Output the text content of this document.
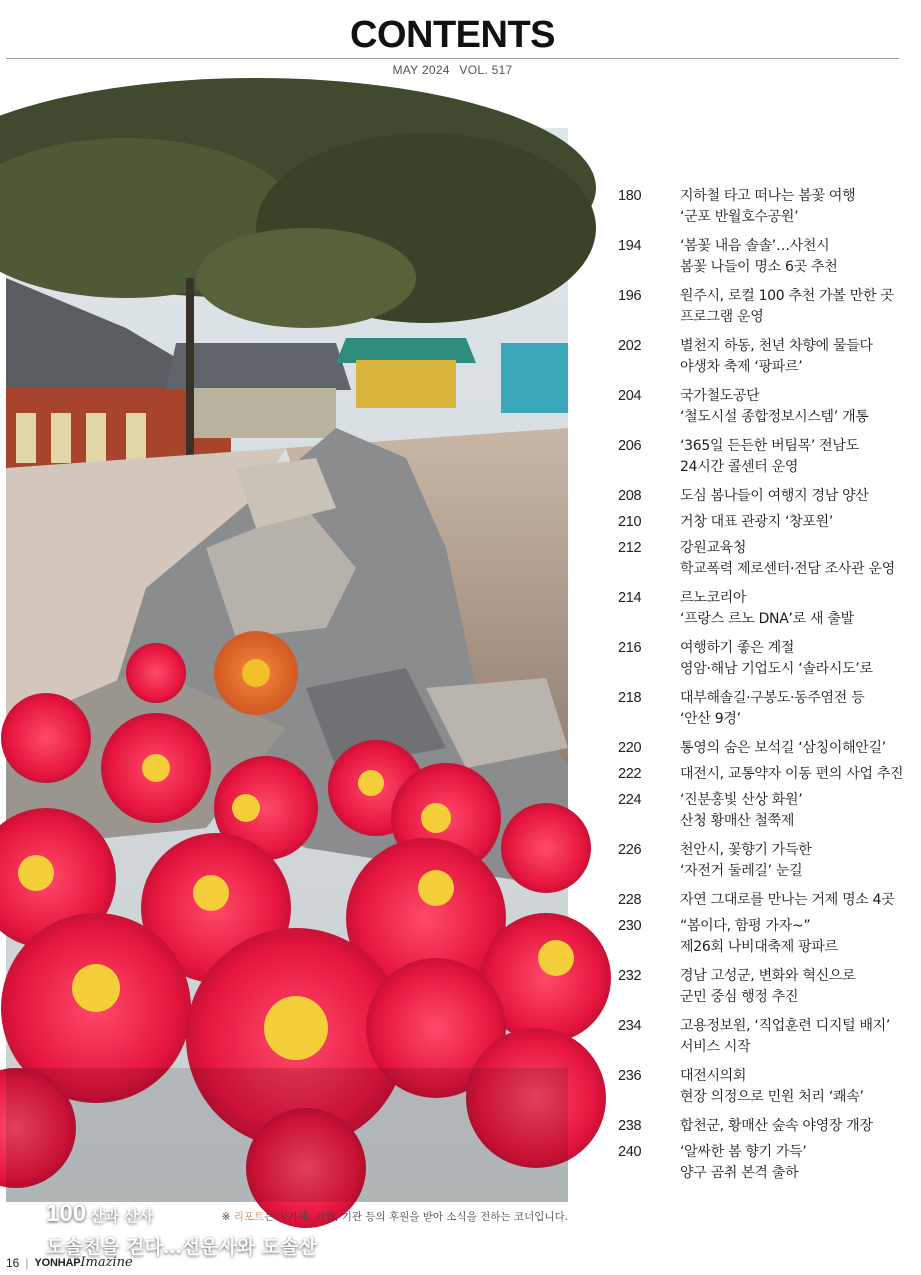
CONTENTS
MAY 2024 VOL. 517
100 산과 산사
도솔천을 걷다…선운사와 도솔산
※ 리포트는 지자체, 기업, 기관 등의 후원을 받아 소식을 전하는 코너입니다.
180	지하철 타고 떠나는 봄꽃 여행
‘군포 반월호수공원’
194	‘봄꽃 내음 솔솔’…사천시
봄꽃 나들이 명소 6곳 추천
196	원주시, 로컬 100 추천 가볼 만한 곳
프로그램 운영
202	별천지 하동, 천년 차향에 물들다
야생차 축제 ‘팡파르’
204	국가철도공단
‘철도시설 종합정보시스템’ 개통
206	‘365일 든든한 버팀목’ 전남도
24시간 콜센터 운영
208	도심 봄나들이 여행지 경남 양산
210	거창 대표 관광지 ‘창포원’
212	강원교육청
학교폭력 제로센터·전담 조사관 운영
214	르노코리아
‘프랑스 르노 DNA’로 새 출발
216	여행하기 좋은 계절
영암·해남 기업도시 ‘솔라시도’로
218	대부해솔길·구봉도·동주염전 등
‘안산 9경’
220	통영의 숨은 보석길 ‘삼칭이해안길’
222	대전시, 교통약자 이동 편의 사업 추진
224	‘진분홍빛 산상 화원’
산청 황매산 철쭉제
226	천안시, 꽃향기 가득한
‘자전거 둘레길’ 눈길
228	자연 그대로를 만나는 거제 명소 4곳
230	“봄이다, 함평 가자~”
제26회 나비대축제 팡파르
232	경남 고성군, 변화와 혁신으로
군민 중심 행정 추진
234	고용정보원, ‘직업훈련 디지털 배지’
서비스 시작
236	대전시의회
현장 의정으로 민원 처리 ‘쾌속’
238	합천군, 황매산 숲속 야영장 개장
240	‘알싸한 봄 향기 가득’
양구 곰취 본격 출하
16 | YONHAP Imazine
